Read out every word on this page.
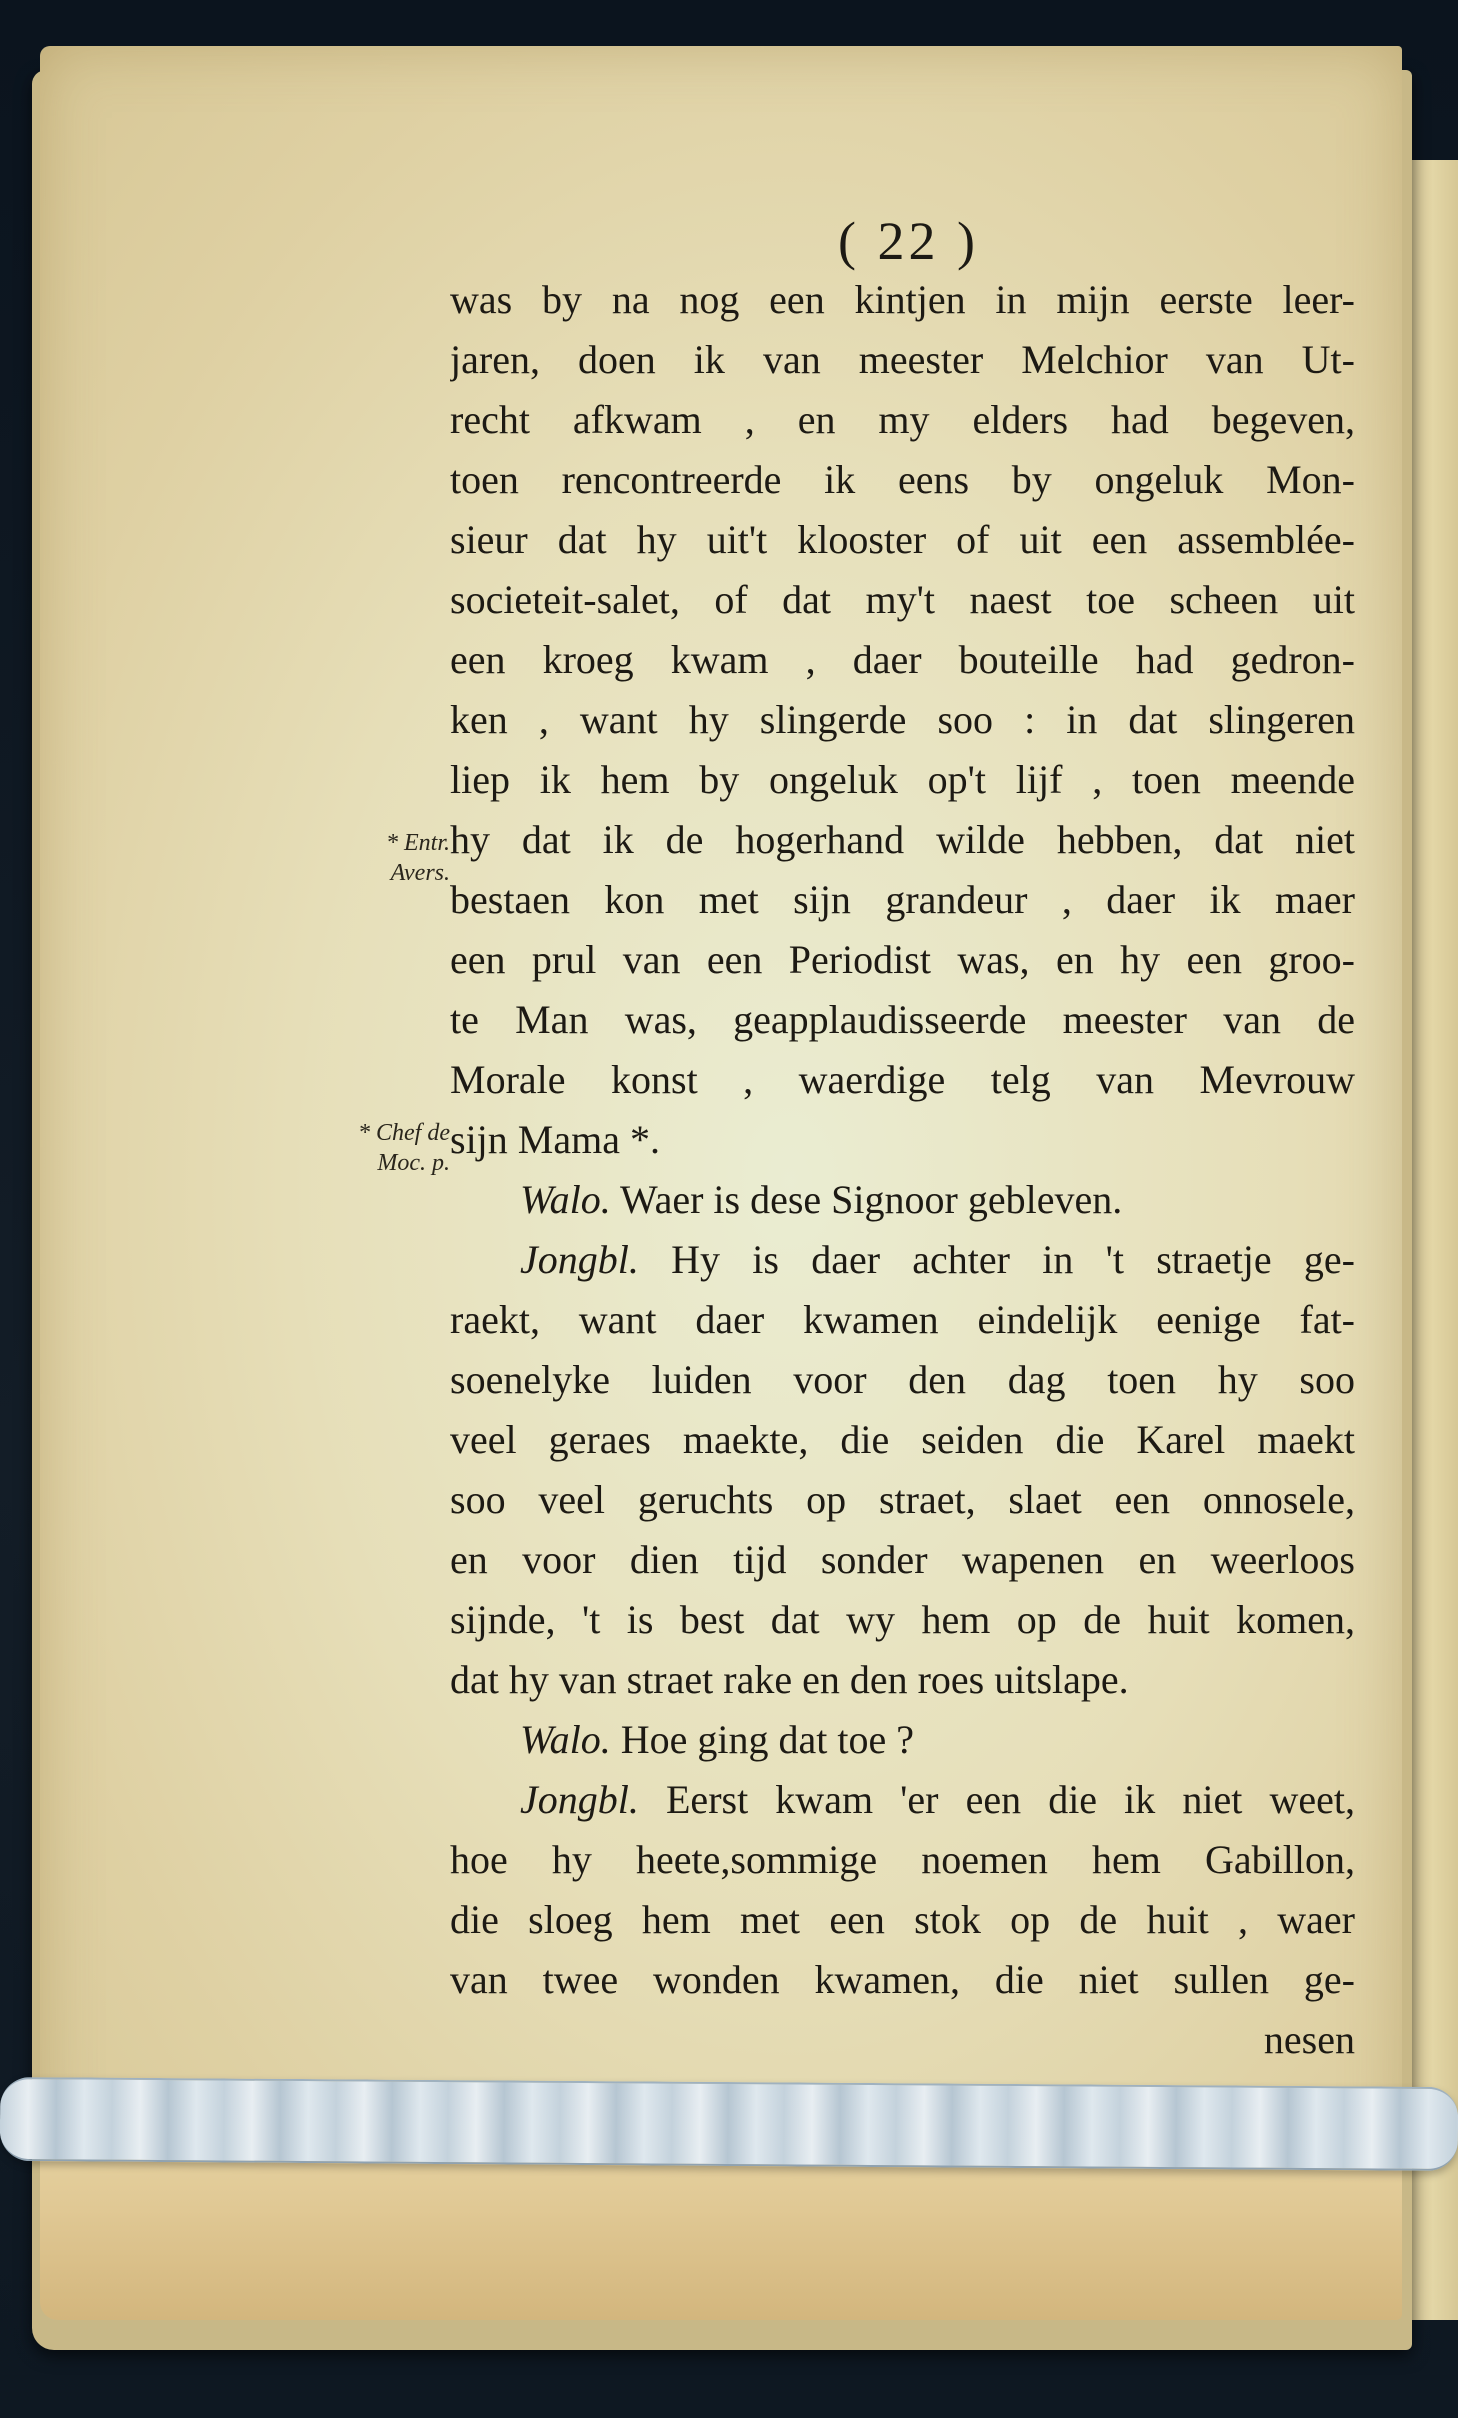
( 22 )
* Entr.
Avers.
* Chef de
Moc. p.
was by na nog een kintjen in mijn eerste leer-
jaren, doen ik van meester Melchior van Ut-
recht afkwam , en my elders had begeven,
toen rencontreerde ik eens by ongeluk Mon-
sieur dat hy uit't klooster of uit een assemblée-
societeit-salet, of dat my't naest toe scheen uit
een kroeg kwam , daer bouteille had gedron-
ken , want hy slingerde soo : in dat slingeren
liep ik hem by ongeluk op't lijf , toen meende
hy dat ik de hogerhand wilde hebben, dat niet
bestaen kon met sijn grandeur , daer ik maer
een prul van een Periodist was, en hy een groo-
te Man was, geapplaudisseerde meester van de
Morale konst , waerdige telg van Mevrouw
sijn Mama *.
Walo. Waer is dese Signoor gebleven.
Jongbl. Hy is daer achter in 't straetje ge-
raekt, want daer kwamen eindelijk eenige fat-
soenelyke luiden voor den dag toen hy soo
veel geraes maekte, die seiden die Karel maekt
soo veel geruchts op straet, slaet een onnosele,
en voor dien tijd sonder wapenen en weerloos
sijnde, 't is best dat wy hem op de huit komen,
dat hy van straet rake en den roes uitslape.
Walo. Hoe ging dat toe ?
Jongbl. Eerst kwam 'er een die ik niet weet,
hoe hy heete,sommige noemen hem Gabillon,
die sloeg hem met een stok op de huit , waer
van twee wonden kwamen, die niet sullen ge-
nesen
